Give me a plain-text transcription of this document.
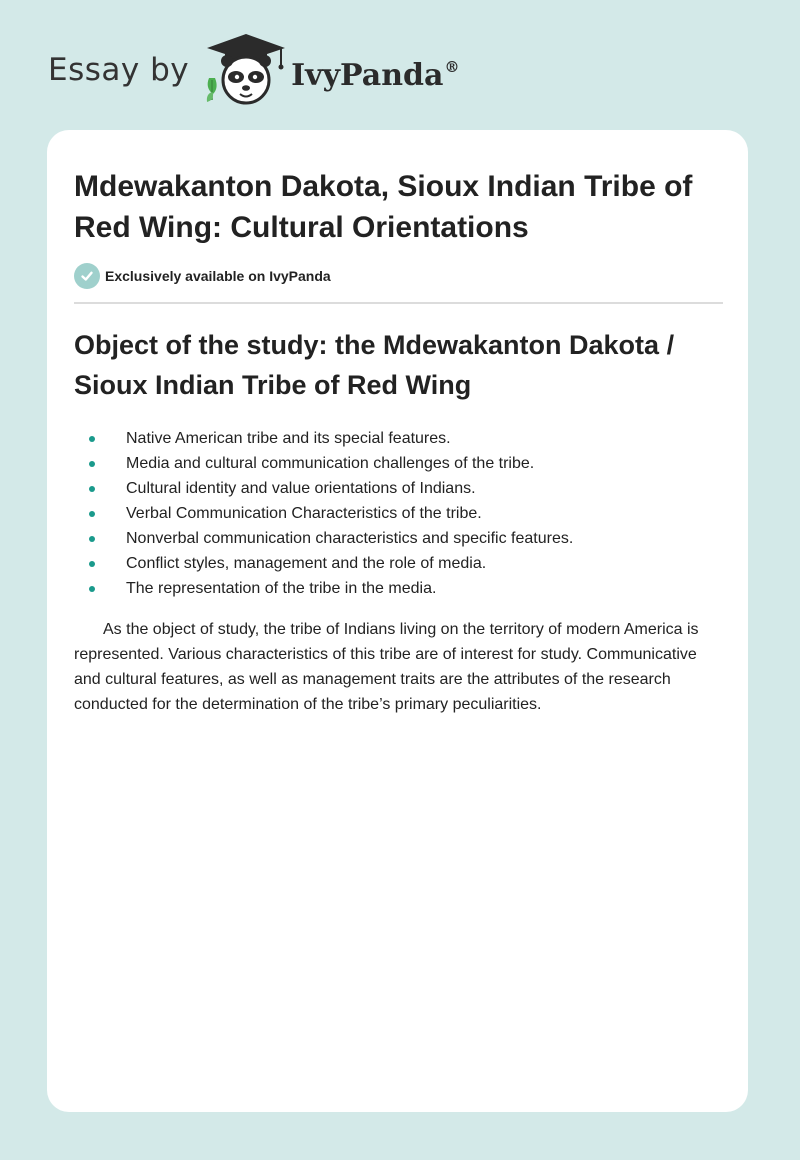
Essay by	IvyPanda®
Mdewakanton Dakota, Sioux Indian Tribe of Red Wing: Cultural Orientations
Exclusively available on IvyPanda
Object of the study: the Mdewakanton Dakota / Sioux Indian Tribe of Red Wing
Native American tribe and its special features.
Media and cultural communication challenges of the tribe.
Cultural identity and value orientations of Indians.
Verbal Communication Characteristics of the tribe.
Nonverbal communication characteristics and specific features.
Conflict styles, management and the role of media.
The representation of the tribe in the media.

As the object of study, the tribe of Indians living on the territory of modern America is represented. Various characteristics of this tribe are of interest for study. Communicative and cultural features, as well as management traits are the attributes of the research conducted for the determination of the tribe’s primary peculiarities.
